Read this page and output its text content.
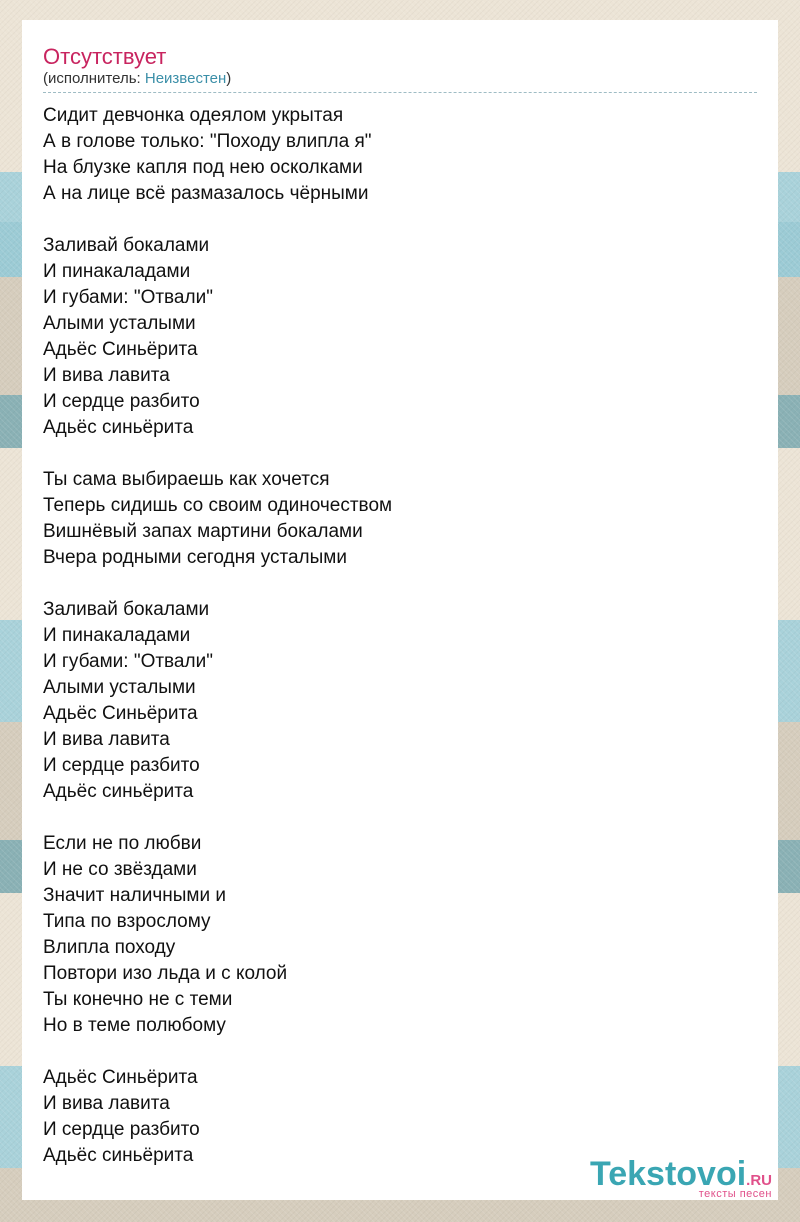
Отсутствует
(исполнитель: Неизвестен)
Сидит девчонка одеялом укрытая
А в голове только: "Походу влипла я"
На блузке капля под нею осколками
А на лице всё размазалось чёрными
Заливай бокалами
И пинакаладами
И губами: "Отвали"
Алыми усталыми
Адьёс Синьёрита
И вива лавита
И сердце разбито
Адьёс синьёрита
Ты сама выбираешь как хочется
Теперь сидишь со своим одиночеством
Вишнёвый запах мартини бокалами
Вчера родными сегодня усталыми
Заливай бокалами
И пинакаладами
И губами: "Отвали"
Алыми усталыми
Адьёс Синьёрита
И вива лавита
И сердце разбито
Адьёс синьёрита
Если не по любви
И не со звёздами
Значит наличными и
Типа по взрослому
Влипла походу
Повтори изо льда и с колой
Ты конечно не с теми
Но в теме полюбому
Адьёс Синьёрита
И вива лавита
И сердце разбито
Адьёс синьёрита	Tekstovoi.RU
тексты песен
